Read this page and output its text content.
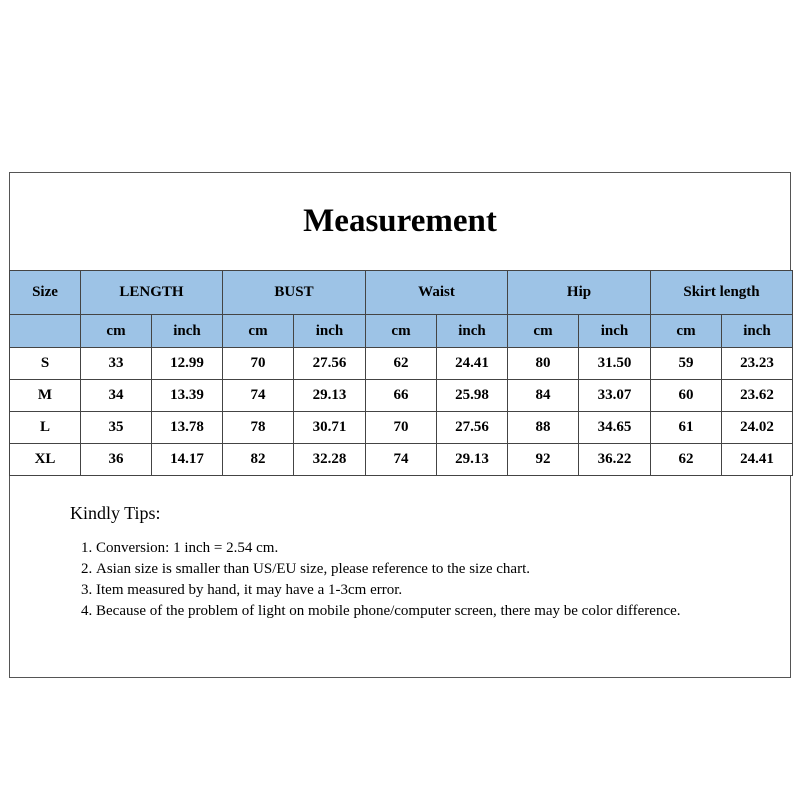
Measurement
Size	LENGTH		BUST		Waist		Hip		Skirt length	
	cm	inch	cm	inch	cm	inch	cm	inch	cm	inch
S	33	12.99	70	27.56	62	24.41	80	31.50	59	23.23
M	34	13.39	74	29.13	66	25.98	84	33.07	60	23.62
L	35	13.78	78	30.71	70	27.56	88	34.65	61	24.02
XL	36	14.17	82	32.28	74	29.13	92	36.22	62	24.41
Kindly Tips:
1. Conversion: 1 inch = 2.54 cm.
2. Asian size is smaller than US/EU size, please reference to the size chart.
3. Item measured by hand, it may have a 1-3cm error.
4. Because of the problem of light on mobile phone/computer screen, there may be color difference.
